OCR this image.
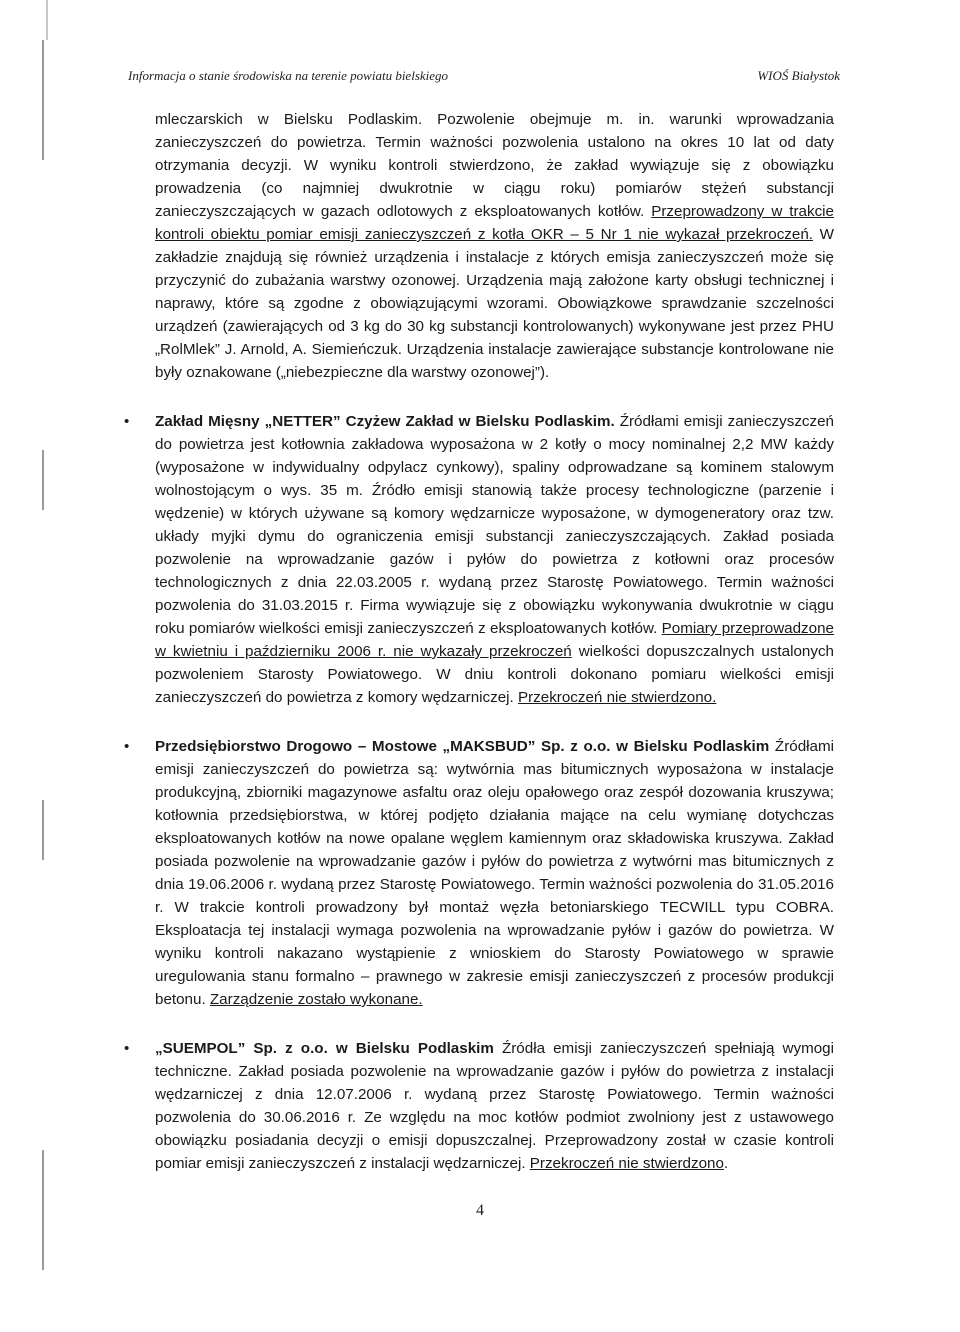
Informacja o stanie środowiska na terenie powiatu bielskiego	WIOŚ Białystok

mleczarskich w Bielsku Podlaskim. Pozwolenie obejmuje m. in. warunki wprowadzania zanieczyszczeń do powietrza. Termin ważności pozwolenia ustalono na okres 10 lat od daty otrzymania decyzji. W wyniku kontroli stwierdzono, że zakład wywiązuje się z obowiązku prowadzenia (co najmniej dwukrotnie w ciągu roku) pomiarów stężeń substancji zanieczyszczających w gazach odlotowych z eksploatowanych kotłów. Przeprowadzony w trakcie kontroli obiektu pomiar emisji zanieczyszczeń z kotła OKR – 5 Nr 1 nie wykazał przekroczeń. W zakładzie znajdują się również urządzenia i instalacje z których emisja zanieczyszczeń może się przyczynić do zubażania warstwy ozonowej. Urządzenia mają założone karty obsługi technicznej i naprawy, które są zgodne z obowiązującymi wzorami. Obowiązkowe sprawdzanie szczelności urządzeń (zawierających od 3 kg do 30 kg substancji kontrolowanych) wykonywane jest przez PHU „RolMlek” J. Arnold, A. Siemieńczuk. Urządzenia instalacje zawierające substancje kontrolowane nie były oznakowane („niebezpieczne dla warstwy ozonowej”).

• Zakład Mięsny „NETTER” Czyżew Zakład w Bielsku Podlaskim. Źródłami emisji zanieczyszczeń do powietrza jest kotłownia zakładowa wyposażona w 2 kotły o mocy nominalnej 2,2 MW każdy (wyposażone w indywidualny odpylacz cynkowy), spaliny odprowadzane są kominem stalowym wolnostojącym o wys. 35 m. Źródło emisji stanowią także procesy technologiczne (parzenie i wędzenie) w których używane są komory wędzarnicze wyposażone, w dymogeneratory oraz tzw. układy myjki dymu do ograniczenia emisji substancji zanieczyszczających. Zakład posiada pozwolenie na wprowadzanie gazów i pyłów do powietrza z kotłowni oraz procesów technologicznych z dnia 22.03.2005 r. wydaną przez Starostę Powiatowego. Termin ważności pozwolenia do 31.03.2015 r. Firma wywiązuje się z obowiązku wykonywania dwukrotnie w ciągu roku pomiarów wielkości emisji zanieczyszczeń z eksploatowanych kotłów. Pomiary przeprowadzone w kwietniu i październiku 2006 r. nie wykazały przekroczeń wielkości dopuszczalnych ustalonych pozwoleniem Starosty Powiatowego. W dniu kontroli dokonano pomiaru wielkości emisji zanieczyszczeń do powietrza z komory wędzarniczej. Przekroczeń nie stwierdzono.

• Przedsiębiorstwo Drogowo – Mostowe „MAKSBUD” Sp. z o.o. w Bielsku Podlaskim Źródłami emisji zanieczyszczeń do powietrza są: wytwórnia mas bitumicznych wyposażona w instalacje produkcyjną, zbiorniki magazynowe asfaltu oraz oleju opałowego oraz zespół dozowania kruszywa; kotłownia przedsiębiorstwa, w której podjęto działania mające na celu wymianę dotychczas eksploatowanych kotłów na nowe opalane węglem kamiennym oraz składowiska kruszywa. Zakład posiada pozwolenie na wprowadzanie gazów i pyłów do powietrza z wytwórni mas bitumicznych z dnia 19.06.2006 r. wydaną przez Starostę Powiatowego. Termin ważności pozwolenia do 31.05.2016 r. W trakcie kontroli prowadzony był montaż węzła betoniarskiego TECWILL typu COBRA. Eksploatacja tej instalacji wymaga pozwolenia na wprowadzanie pyłów i gazów do powietrza. W wyniku kontroli nakazano wystąpienie z wnioskiem do Starosty Powiatowego w sprawie uregulowania stanu formalno – prawnego w zakresie emisji zanieczyszczeń z procesów produkcji betonu. Zarządzenie zostało wykonane.

• „SUEMPOL” Sp. z o.o. w Bielsku Podlaskim Źródła emisji zanieczyszczeń spełniają wymogi techniczne. Zakład posiada pozwolenie na wprowadzanie gazów i pyłów do powietrza z instalacji wędzarniczej z dnia 12.07.2006 r. wydaną przez Starostę Powiatowego. Termin ważności pozwolenia do 30.06.2016 r. Ze względu na moc kotłów podmiot zwolniony jest z ustawowego obowiązku posiadania decyzji o emisji dopuszczalnej. Przeprowadzony został w czasie kontroli pomiar emisji zanieczyszczeń z instalacji wędzarniczej. Przekroczeń nie stwierdzono.

4
